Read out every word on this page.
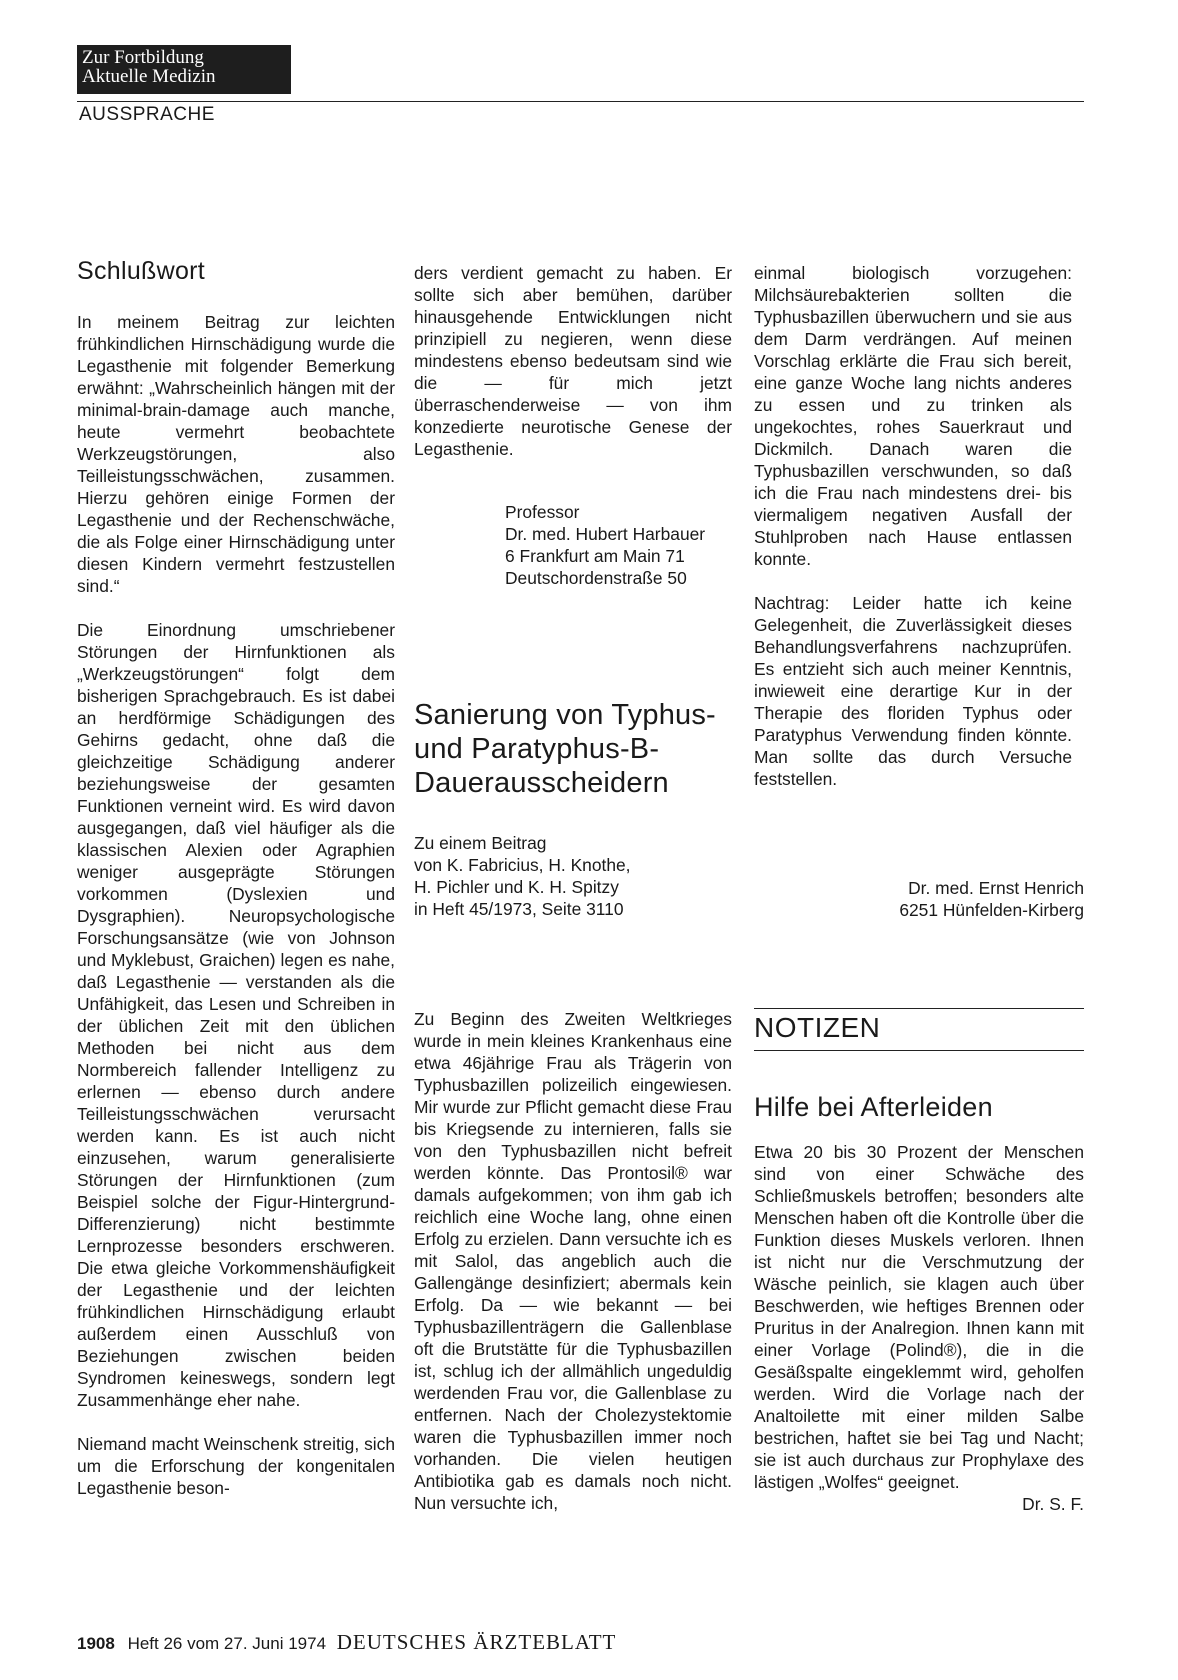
Zur Fortbildung
Aktuelle Medizin
AUSSPRACHE
Schlußwort

In meinem Beitrag zur leichten frühkindlichen Hirnschädigung wurde die Legasthenie mit folgender Bemerkung erwähnt: „Wahrscheinlich hängen mit der minimal-brain-damage auch manche, heute vermehrt beobachtete Werkzeugstörungen, also Teilleistungsschwächen, zusammen. Hierzu gehören einige Formen der Legasthenie und der Rechenschwäche, die als Folge einer Hirnschädigung unter diesen Kindern vermehrt festzustellen sind.“

Die Einordnung umschriebener Störungen der Hirnfunktionen als „Werkzeugstörungen“ folgt dem bisherigen Sprachgebrauch. Es ist dabei an herdförmige Schädigungen des Gehirns gedacht, ohne daß die gleichzeitige Schädigung anderer beziehungsweise der gesamten Funktionen verneint wird. Es wird davon ausgegangen, daß viel häufiger als die klassischen Alexien oder Agraphien weniger ausgeprägte Störungen vorkommen (Dyslexien und Dysgraphien). Neuropsychologische Forschungsansätze (wie von Johnson und Myklebust, Graichen) legen es nahe, daß Legasthenie — verstanden als die Unfähigkeit, das Lesen und Schreiben in der üblichen Zeit mit den üblichen Methoden bei nicht aus dem Normbereich fallender Intelligenz zu erlernen — ebenso durch andere Teilleistungsschwächen verursacht werden kann. Es ist auch nicht einzusehen, warum generalisierte Störungen der Hirnfunktionen (zum Beispiel solche der Figur-Hintergrund-Differenzierung) nicht bestimmte Lernprozesse besonders erschweren. Die etwa gleiche Vorkommenshäufigkeit der Legasthenie und der leichten frühkindlichen Hirnschädigung erlaubt außerdem einen Ausschluß von Beziehungen zwischen beiden Syndromen keineswegs, sondern legt Zusammenhänge eher nahe.

Niemand macht Weinschenk streitig, sich um die Erforschung der kongenitalen Legasthenie beson-

ders verdient gemacht zu haben. Er sollte sich aber bemühen, darüber hinausgehende Entwicklungen nicht prinzipiell zu negieren, wenn diese mindestens ebenso bedeutsam sind wie die — für mich jetzt überraschenderweise — von ihm konzedierte neurotische Genese der Legasthenie.

Professor
Dr. med. Hubert Harbauer
6 Frankfurt am Main 71
Deutschordenstraße 50
Sanierung von Typhus-
und Paratyphus-B-
Dauerausscheidern
Zu einem Beitrag
von K. Fabricius, H. Knothe,
H. Pichler und K. H. Spitzy
in Heft 45/1973, Seite 3110

Zu Beginn des Zweiten Weltkrieges wurde in mein kleines Krankenhaus eine etwa 46jährige Frau als Trägerin von Typhusbazillen polizeilich eingewiesen. Mir wurde zur Pflicht gemacht diese Frau bis Kriegsende zu internieren, falls sie von den Typhusbazillen nicht befreit werden könnte. Das Prontosil® war damals aufgekommen; von ihm gab ich reichlich eine Woche lang, ohne einen Erfolg zu erzielen. Dann versuchte ich es mit Salol, das angeblich auch die Gallengänge desinfiziert; abermals kein Erfolg. Da — wie bekannt — bei Typhusbazillenträgern die Gallenblase oft die Brutstätte für die Typhusbazillen ist, schlug ich der allmählich ungeduldig werdenden Frau vor, die Gallenblase zu entfernen. Nach der Cholezystektomie waren die Typhusbazillen immer noch vorhanden. Die vielen heutigen Antibiotika gab es damals noch nicht. Nun versuchte ich,

einmal biologisch vorzugehen: Milchsäurebakterien sollten die Typhusbazillen überwuchern und sie aus dem Darm verdrängen. Auf meinen Vorschlag erklärte die Frau sich bereit, eine ganze Woche lang nichts anderes zu essen und zu trinken als ungekochtes, rohes Sauerkraut und Dickmilch. Danach waren die Typhusbazillen verschwunden, so daß ich die Frau nach mindestens drei- bis viermaligem negativen Ausfall der Stuhlproben nach Hause entlassen konnte.

Nachtrag: Leider hatte ich keine Gelegenheit, die Zuverlässigkeit dieses Behandlungsverfahrens nachzuprüfen. Es entzieht sich auch meiner Kenntnis, inwieweit eine derartige Kur in der Therapie des floriden Typhus oder Paratyphus Verwendung finden könnte. Man sollte das durch Versuche feststellen.

Dr. med. Ernst Henrich
6251 Hünfelden-Kirberg
NOTIZEN
Hilfe bei Afterleiden

Etwa 20 bis 30 Prozent der Menschen sind von einer Schwäche des Schließmuskels betroffen; besonders alte Menschen haben oft die Kontrolle über die Funktion dieses Muskels verloren. Ihnen ist nicht nur die Verschmutzung der Wäsche peinlich, sie klagen auch über Beschwerden, wie heftiges Brennen oder Pruritus in der Analregion. Ihnen kann mit einer Vorlage (Polind®), die in die Gesäßspalte eingeklemmt wird, geholfen werden. Wird die Vorlage nach der Analtoilette mit einer milden Salbe bestrichen, haftet sie bei Tag und Nacht; sie ist auch durchaus zur Prophylaxe des lästigen „Wolfes“ geeignet.

Dr. S. F.
1908 Heft 26 vom 27. Juni 1974 DEUTSCHES ÄRZTEBLATT
